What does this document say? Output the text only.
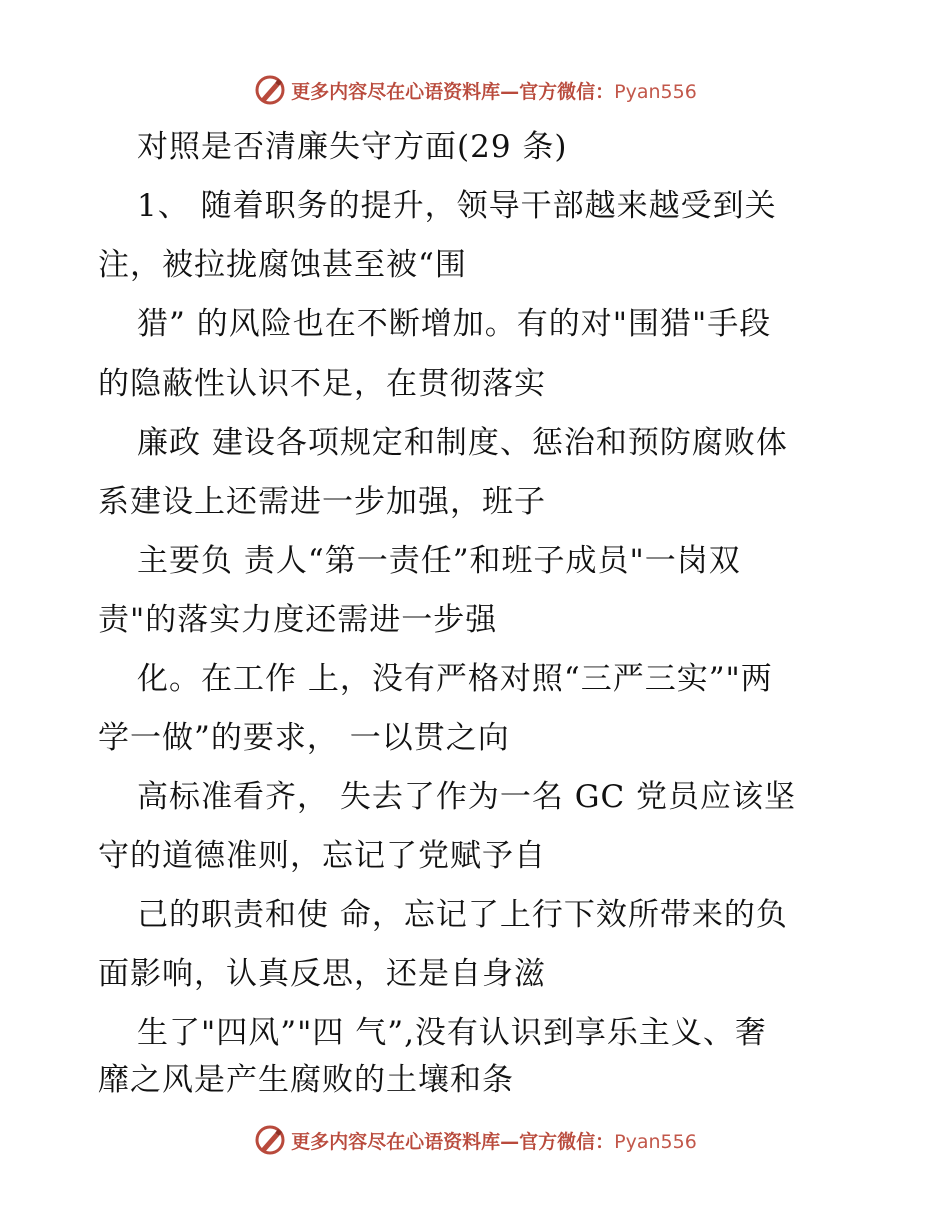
更多内容尽在心语资料库—官方微信：Pyan556
对照是否清廉失守方面(29 条)
1、 随着职务的提升，领导干部越来越受到关
注，被拉拢腐蚀甚至被“围
猎” 的风险也在不断增加。有的对"围猎"手段
的隐蔽性认识不足，在贯彻落实
廉政 建设各项规定和制度、惩治和预防腐败体
系建设上还需进一步加强，班子
主要负 责人“第一责任”和班子成员"一岗双
责"的落实力度还需进一步强
化。在工作 上，没有严格对照“三严三实”"两
学一做”的要求， 一以贯之向
高标准看齐， 失去了作为一名 GC 党员应该坚
守的道德准则，忘记了党赋予自
己的职责和使 命，忘记了上行下效所带来的负
面影响，认真反思，还是自身滋
生了"四风”"四 气”,没有认识到享乐主义、奢
靡之风是产生腐败的土壤和条
更多内容尽在心语资料库—官方微信：Pyan556
